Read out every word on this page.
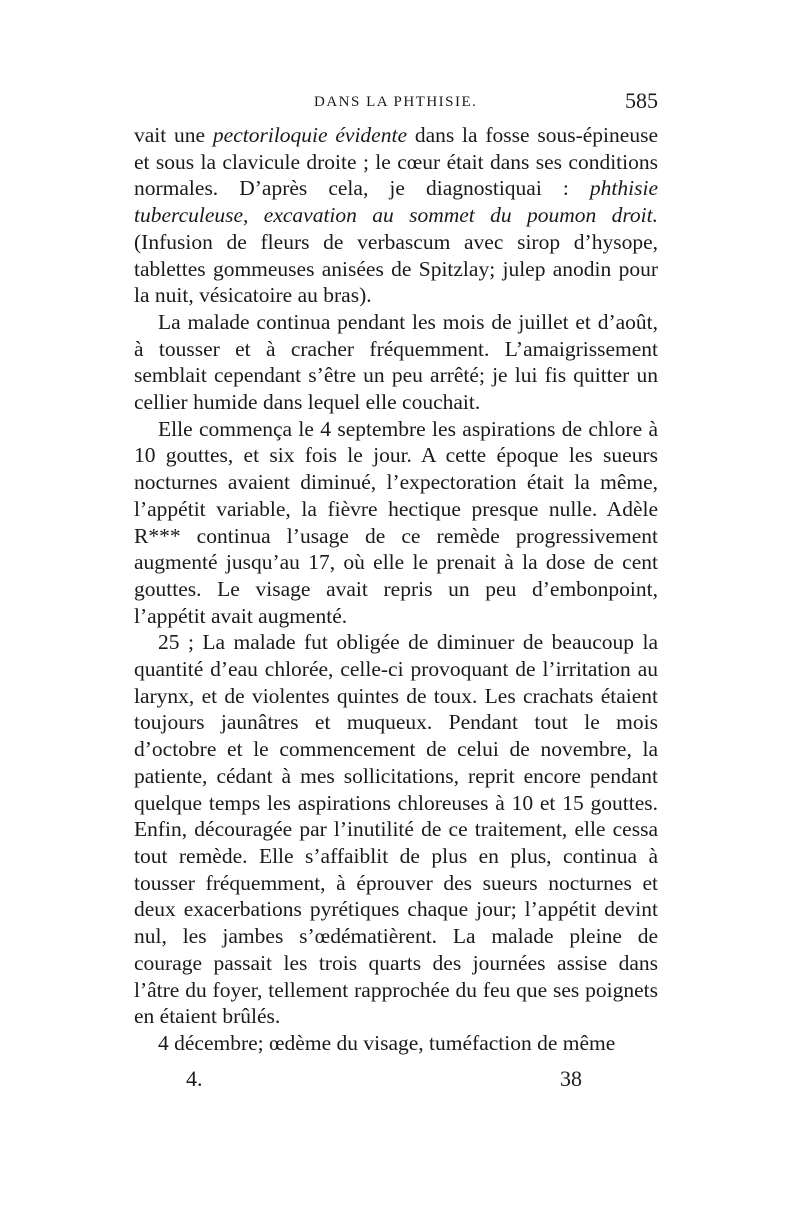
DANS LA PHTHISIE.	585

vait une pectoriloquie évidente dans la fosse sous-épineuse et sous la clavicule droite ; le cœur était dans ses conditions normales. D’après cela, je diagnostiquai : phthisie tuberculeuse, excavation au sommet du poumon droit. (Infusion de fleurs de verbascum avec sirop d’hysope, tablettes gommeuses anisées de Spitzlay; julep anodin pour la nuit, vésicatoire au bras).

La malade continua pendant les mois de juillet et d’août, à tousser et à cracher fréquemment. L’amaigrissement semblait cependant s’être un peu arrêté; je lui fis quitter un cellier humide dans lequel elle couchait.

Elle commença le 4 septembre les aspirations de chlore à 10 gouttes, et six fois le jour. A cette époque les sueurs nocturnes avaient diminué, l’expectoration était la même, l’appétit variable, la fièvre hectique presque nulle. Adèle R*** continua l’usage de ce remède progressivement augmenté jusqu’au 17, où elle le prenait à la dose de cent gouttes. Le visage avait repris un peu d’embonpoint, l’appétit avait augmenté.

25 ; La malade fut obligée de diminuer de beaucoup la quantité d’eau chlorée, celle-ci provoquant de l’irritation au larynx, et de violentes quintes de toux. Les crachats étaient toujours jaunâtres et muqueux. Pendant tout le mois d’octobre et le commencement de celui de novembre, la patiente, cédant à mes sollicitations, reprit encore pendant quelque temps les aspirations chloreuses à 10 et 15 gouttes. Enfin, découragée par l’inutilité de ce traitement, elle cessa tout remède. Elle s’affaiblit de plus en plus, continua à tousser fréquemment, à éprouver des sueurs nocturnes et deux exacerbations pyrétiques chaque jour; l’appétit devint nul, les jambes s’œdématièrent. La malade pleine de courage passait les trois quarts des journées assise dans l’âtre du foyer, tellement rapprochée du feu que ses poignets en étaient brûlés.

4 décembre; œdème du visage, tuméfaction de même

4.	38
